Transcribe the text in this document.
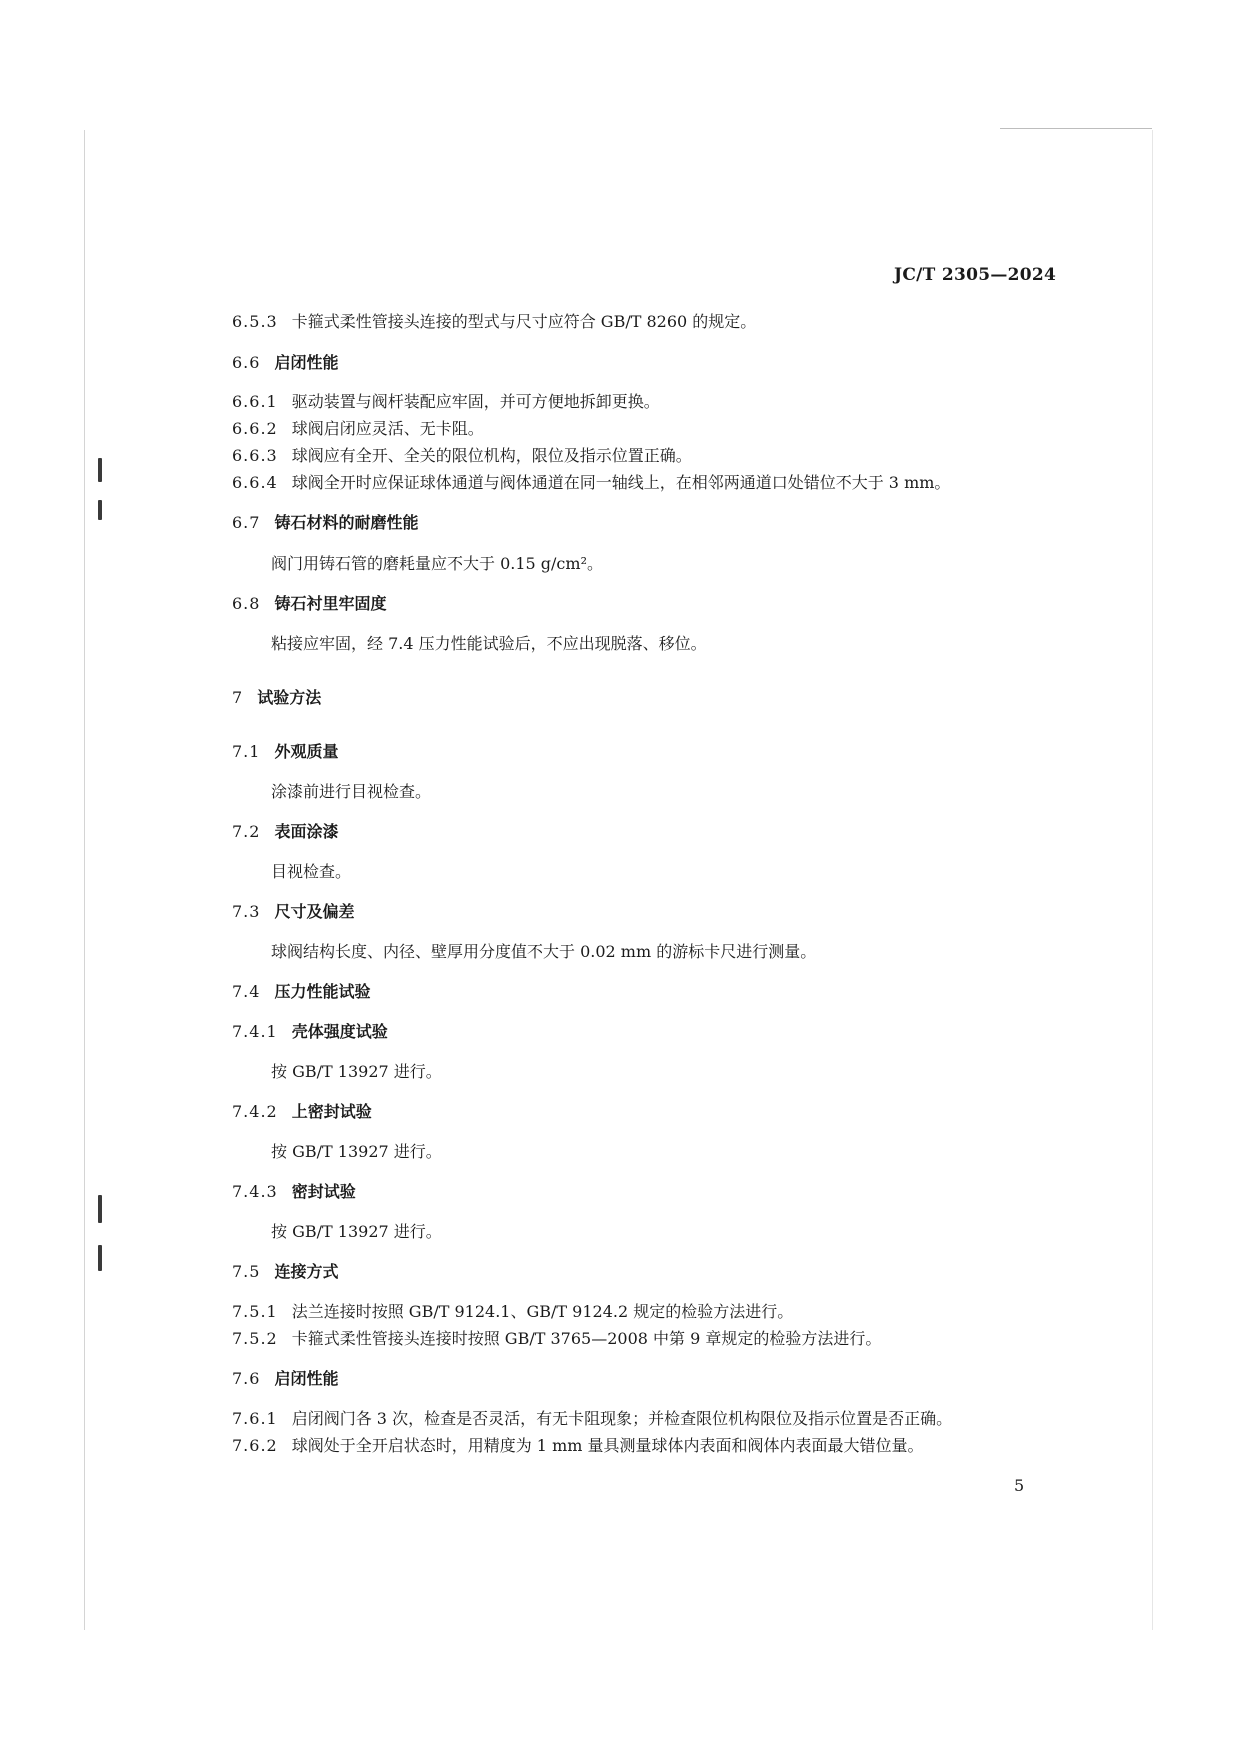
JC/T 2305—2024
6.5.3 卡箍式柔性管接头连接的型式与尺寸应符合 GB/T 8260 的规定。
6.6 启闭性能
6.6.1 驱动装置与阀杆装配应牢固，并可方便地拆卸更换。
6.6.2 球阀启闭应灵活、无卡阻。
6.6.3 球阀应有全开、全关的限位机构，限位及指示位置正确。
6.6.4 球阀全开时应保证球体通道与阀体通道在同一轴线上，在相邻两通道口处错位不大于 3 mm。
6.7 铸石材料的耐磨性能
阀门用铸石管的磨耗量应不大于 0.15 g/cm²。
6.8 铸石衬里牢固度
粘接应牢固，经 7.4 压力性能试验后，不应出现脱落、移位。
7 试验方法
7.1 外观质量
涂漆前进行目视检查。
7.2 表面涂漆
目视检查。
7.3 尺寸及偏差
球阀结构长度、内径、壁厚用分度值不大于 0.02 mm 的游标卡尺进行测量。
7.4 压力性能试验
7.4.1 壳体强度试验
按 GB/T 13927 进行。
7.4.2 上密封试验
按 GB/T 13927 进行。
7.4.3 密封试验
按 GB/T 13927 进行。
7.5 连接方式
7.5.1 法兰连接时按照 GB/T 9124.1、GB/T 9124.2 规定的检验方法进行。
7.5.2 卡箍式柔性管接头连接时按照 GB/T 3765—2008 中第 9 章规定的检验方法进行。
7.6 启闭性能
7.6.1 启闭阀门各 3 次，检查是否灵活，有无卡阻现象；并检查限位机构限位及指示位置是否正确。
7.6.2 球阀处于全开启状态时，用精度为 1 mm 量具测量球体内表面和阀体内表面最大错位量。
5
